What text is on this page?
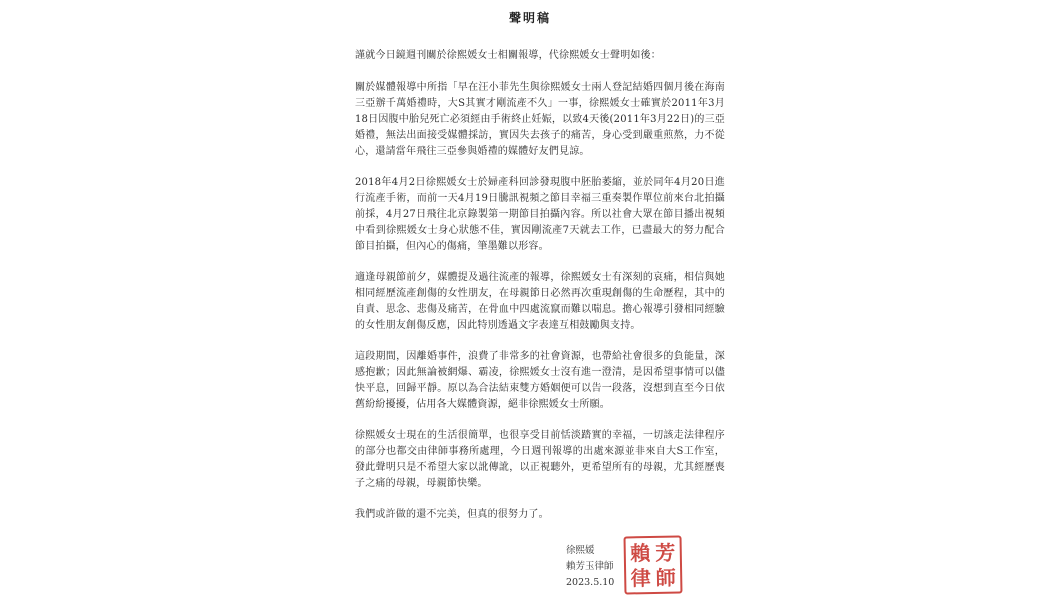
聲明稿

謹就今日鏡週刊關於徐熙媛女士相關報導，代徐熙媛女士聲明如後：

關於媒體報導中所指「早在汪小菲先生與徐熙媛女士兩人登記結婚四個月後在海南三亞辦千萬婚禮時，大S其實才剛流產不久」一事，徐熙媛女士確實於2011年3月18日因腹中胎兒死亡必須經由手術終止妊娠，以致4天後(2011年3月22日)的三亞婚禮，無法出面接受媒體採訪，實因失去孩子的痛苦，身心受到嚴重煎熬，力不從心，還請當年飛往三亞參與婚禮的媒體好友們見諒。

2018年4月2日徐熙媛女士於婦產科回診發現腹中胚胎萎縮，並於同年4月20日進行流產手術，而前一天4月19日騰訊視頻之節目幸福三重奏製作單位前來台北拍攝前採，4月27日飛往北京錄製第一期節目拍攝內容。所以社會大眾在節目播出視頻中看到徐熙媛女士身心狀態不佳，實因剛流產7天就去工作，已盡最大的努力配合節目拍攝，但內心的傷痛，筆墨難以形容。

適逢母親節前夕，媒體提及過往流產的報導，徐熙媛女士有深刻的哀痛，相信與她相同經歷流產創傷的女性朋友，在母親節日必然再次重現創傷的生命歷程，其中的自責、思念、悲傷及痛苦，在骨血中四處流竄而難以喘息。擔心報導引發相同經驗的女性朋友創傷反應，因此特別透過文字表達互相鼓勵與支持。

這段期間，因離婚事件，浪費了非常多的社會資源，也帶給社會很多的負能量，深感抱歉；因此無論被網爆、霸凌，徐熙媛女士沒有進一澄清，是因希望事情可以儘快平息，回歸平靜。原以為合法結束雙方婚姻便可以告一段落，沒想到直至今日依舊紛紛擾擾，佔用各大媒體資源，絕非徐熙媛女士所願。

徐熙媛女士現在的生活很簡單，也很享受目前恬淡踏實的幸福，一切該走法律程序的部分也都交由律師事務所處理，今日週刊報導的出處來源並非來自大S工作室，發此聲明只是不希望大家以訛傳訛，以正視聽外，更希望所有的母親，尤其經歷喪子之痛的母親，母親節快樂。

我們或許做的還不完美，但真的很努力了。

徐熙媛
賴芳玉律師
2023.5.10
賴 芳
律 師
